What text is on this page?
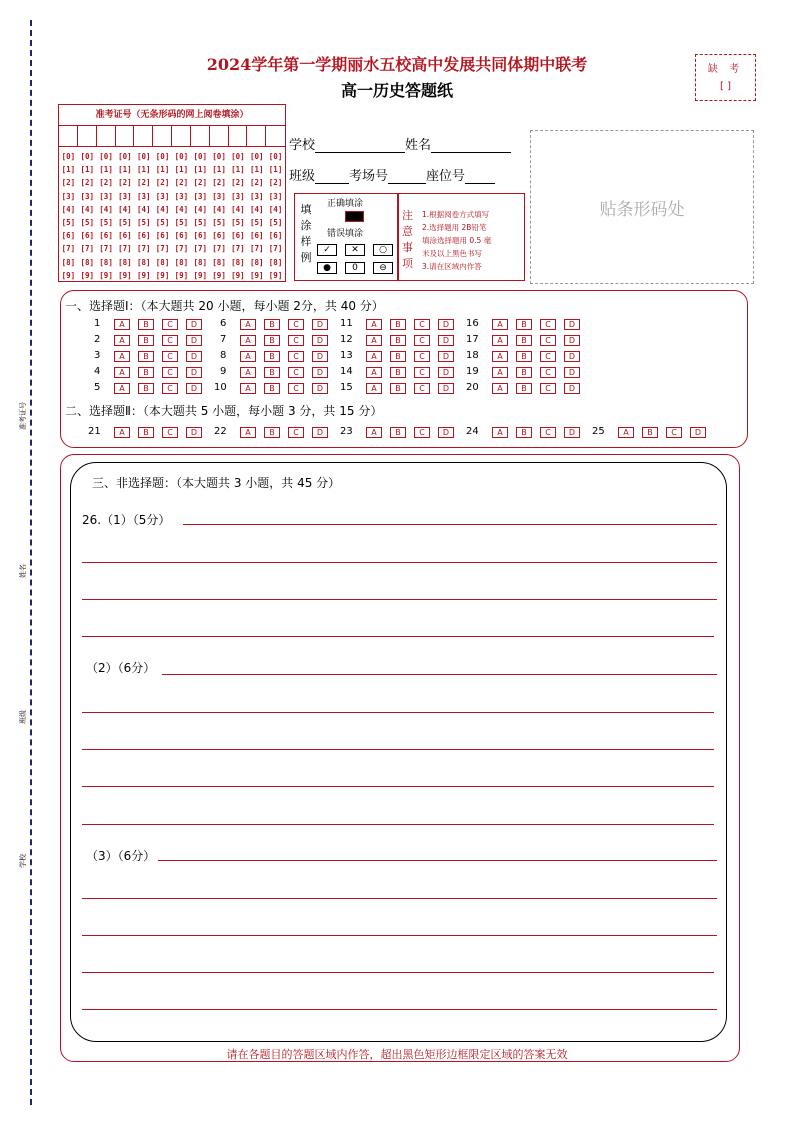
准考证号
姓名
班级
学校
2024学年第一学期丽水五校高中发展共同体期中联考
高一历史答题纸
缺 考
[ ]
准考证号（无条形码的网上阅卷填涂）
[0] [0] [0] [0] [0] [0] [0] [0] [0] [0] [0] [0]
[1] [1] [1] [1] [1] [1] [1] [1] [1] [1] [1] [1]
[2] [2] [2] [2] [2] [2] [2] [2] [2] [2] [2] [2]
[3] [3] [3] [3] [3] [3] [3] [3] [3] [3] [3] [3]
[4] [4] [4] [4] [4] [4] [4] [4] [4] [4] [4] [4]
[5] [5] [5] [5] [5] [5] [5] [5] [5] [5] [5] [5]
[6] [6] [6] [6] [6] [6] [6] [6] [6] [6] [6] [6]
[7] [7] [7] [7] [7] [7] [7] [7] [7] [7] [7] [7]
[8] [8] [8] [8] [8] [8] [8] [8] [8] [8] [8] [8]
[9] [9] [9] [9] [9] [9] [9] [9] [9] [9] [9] [9]
学校	姓名
班级	考场号	座位号
贴条形码处
填涂样例
正确填涂
错误填涂
✓	✕	○
●	0	⊖
注意事项
1.根据阅卷方式填写
2.选择题用 2B铅笔
填涂选择题用 0.5 毫
米及以上黑色书写
3.请在区域内作答
一、选择题Ⅰ：（本大题共 20 小题，每小题 2分，共 40 分）
1	A	B	C	D
2	A	B	C	D
3	A	B	C	D
4	A	B	C	D
5	A	B	C	D
6	A	B	C	D
7	A	B	C	D
8	A	B	C	D
9	A	B	C	D
10	A	B	C	D
11	A	B	C	D
12	A	B	C	D
13	A	B	C	D
14	A	B	C	D
15	A	B	C	D
16	A	B	C	D
17	A	B	C	D
18	A	B	C	D
19	A	B	C	D
20	A	B	C	D
二、选择题Ⅱ：（本大题共 5 小题，每小题 3 分，共 15 分）
21	A	B	C	D	22	A	B	C	D	23	A	B	C	D	24	A	B	C	D	25	A	B	C	D
三、非选择题：（本大题共 3 小题，共 45 分）
26.（1）（5分）
（2）（6分）
（3）（6分）
请在各题目的答题区域内作答，超出黑色矩形边框限定区域的答案无效
